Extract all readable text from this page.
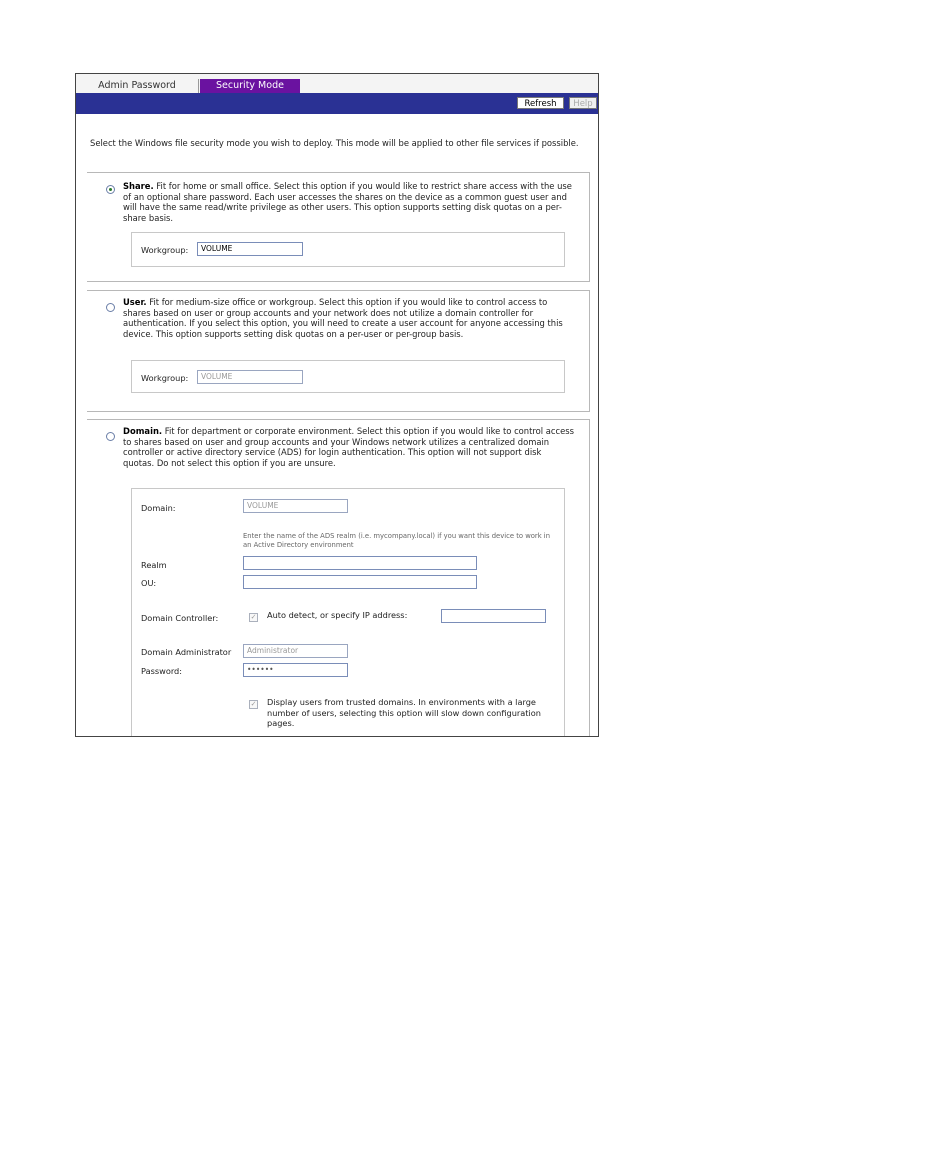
Admin Password	Security Mode
Refresh	Help
Select the Windows file security mode you wish to deploy. This mode will be applied to other file services if possible.
Share. Fit for home or small office. Select this option if you would like to restrict share access with the use of an optional share password. Each user accesses the shares on the device as a common guest user and will have the same read/write privilege as other users. This option supports setting disk quotas on a per-share basis.
Workgroup:	VOLUME
User. Fit for medium-size office or workgroup. Select this option if you would like to control access to shares based on user or group accounts and your network does not utilize a domain controller for authentication. If you select this option, you will need to create a user account for anyone accessing this device. This option supports setting disk quotas on a per-user or per-group basis.
Workgroup:	VOLUME
Domain. Fit for department or corporate environment. Select this option if you would like to control access to shares based on user and group accounts and your Windows network utilizes a centralized domain controller or active directory service (ADS) for login authentication. This option will not support disk quotas. Do not select this option if you are unsure.
Domain:	VOLUME
Enter the name of the ADS realm (i.e. mycompany.local) if you want this device to work in an Active Directory environment
Realm
OU:
Domain Controller:	✓ Auto detect, or specify IP address:
Domain Administrator	Administrator
Password:	••••••
✓ Display users from trusted domains. In environments with a large number of users, selecting this option will slow down configuration pages.
